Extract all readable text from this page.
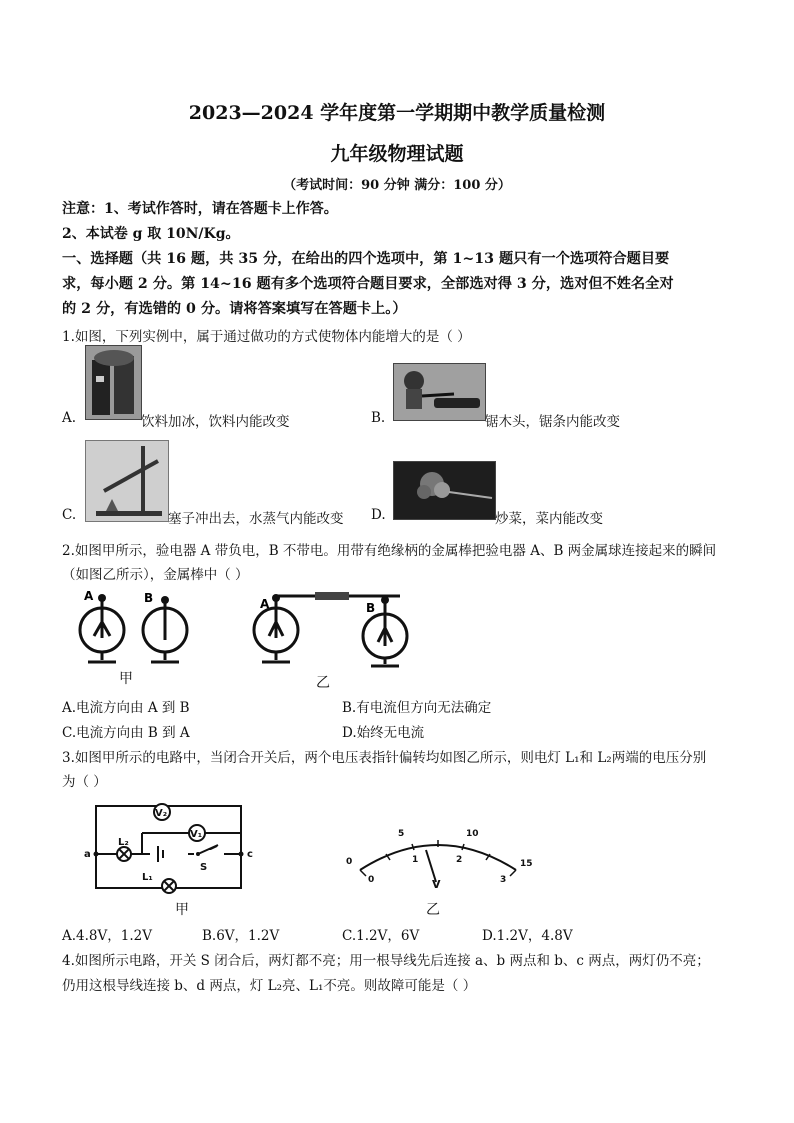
2023—2024 学年度第一学期期中教学质量检测
九年级物理试题
（考试时间：90 分钟 满分：100 分）
注意：1、考试作答时，请在答题卡上作答。
2、本试卷 g 取 10N/Kg。
一、选择题（共 16 题，共 35 分，在给出的四个选项中，第 1~13 题只有一个选项符合题目要
求，每小题 2 分。第 14~16 题有多个选项符合题目要求，全部选对得 3 分，选对但不姓名全对
的 2 分，有选错的 0 分。请将答案填写在答题卡上。）
1.如图，下列实例中，属于通过做功的方式使物体内能增大的是（ ）
A.	饮料加冰，饮料内能改变	B.	锯木头，锯条内能改变
C.	塞子冲出去，水蒸气内能改变 D.	炒菜，菜内能改变
2.如图甲所示，验电器 A 带负电，B 不带电。用带有绝缘柄的金属棒把验电器 A、B 两金属球连接起来的瞬间
（如图乙所示），金属棒中（ ）
A	B
甲
A	B
乙
A.电流方向由 A 到 B	B.有电流但方向无法确定
C.电流方向由 B 到 A	D.始终无电流
3.如图甲所示的电路中，当闭合开关后，两个电压表指针偏转均如图乙所示，则电灯 L₁和 L₂两端的电压分别
为（ ）
V₂
V₁
L₂
L₁
S
a	c
甲
0
5	10
15
0
1	2
3
V
乙
A.4.8V，1.2V	B.6V，1.2V	C.1.2V，6V	D.1.2V，4.8V
4.如图所示电路，开关 S 闭合后，两灯都不亮；用一根导线先后连接 a、b 两点和 b、c 两点，两灯仍不亮；
仍用这根导线连接 b、d 两点，灯 L₂亮、L₁不亮。则故障可能是（ ）
